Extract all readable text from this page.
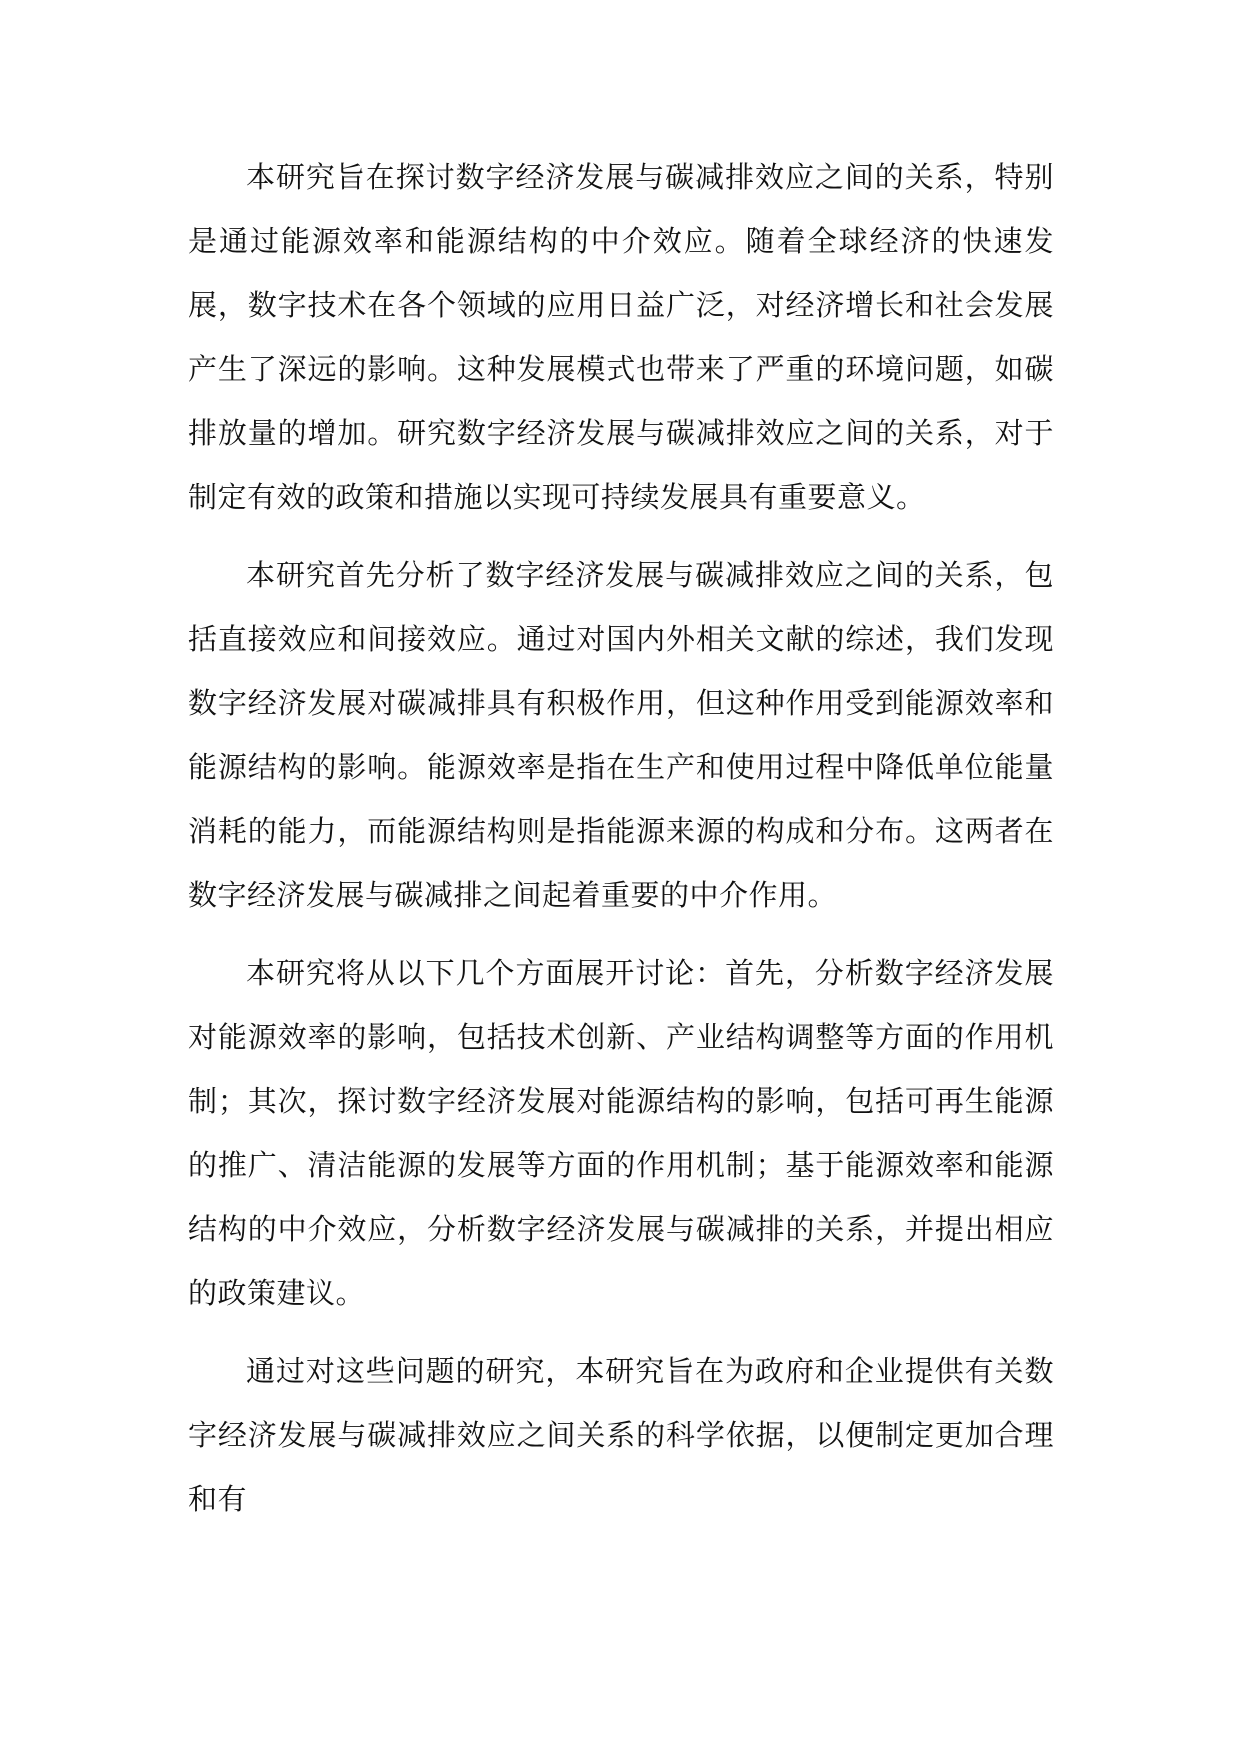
本研究旨在探讨数字经济发展与碳减排效应之间的关系，特别是通过能源效率和能源结构的中介效应。随着全球经济的快速发展，数字技术在各个领域的应用日益广泛，对经济增长和社会发展产生了深远的影响。这种发展模式也带来了严重的环境问题，如碳排放量的增加。研究数字经济发展与碳减排效应之间的关系，对于制定有效的政策和措施以实现可持续发展具有重要意义。

本研究首先分析了数字经济发展与碳减排效应之间的关系，包括直接效应和间接效应。通过对国内外相关文献的综述，我们发现数字经济发展对碳减排具有积极作用，但这种作用受到能源效率和能源结构的影响。能源效率是指在生产和使用过程中降低单位能量消耗的能力，而能源结构则是指能源来源的构成和分布。这两者在数字经济发展与碳减排之间起着重要的中介作用。

本研究将从以下几个方面展开讨论：首先，分析数字经济发展对能源效率的影响，包括技术创新、产业结构调整等方面的作用机制；其次，探讨数字经济发展对能源结构的影响，包括可再生能源的推广、清洁能源的发展等方面的作用机制；基于能源效率和能源结构的中介效应，分析数字经济发展与碳减排的关系，并提出相应的政策建议。

通过对这些问题的研究，本研究旨在为政府和企业提供有关数字经济发展与碳减排效应之间关系的科学依据，以便制定更加合理和有
